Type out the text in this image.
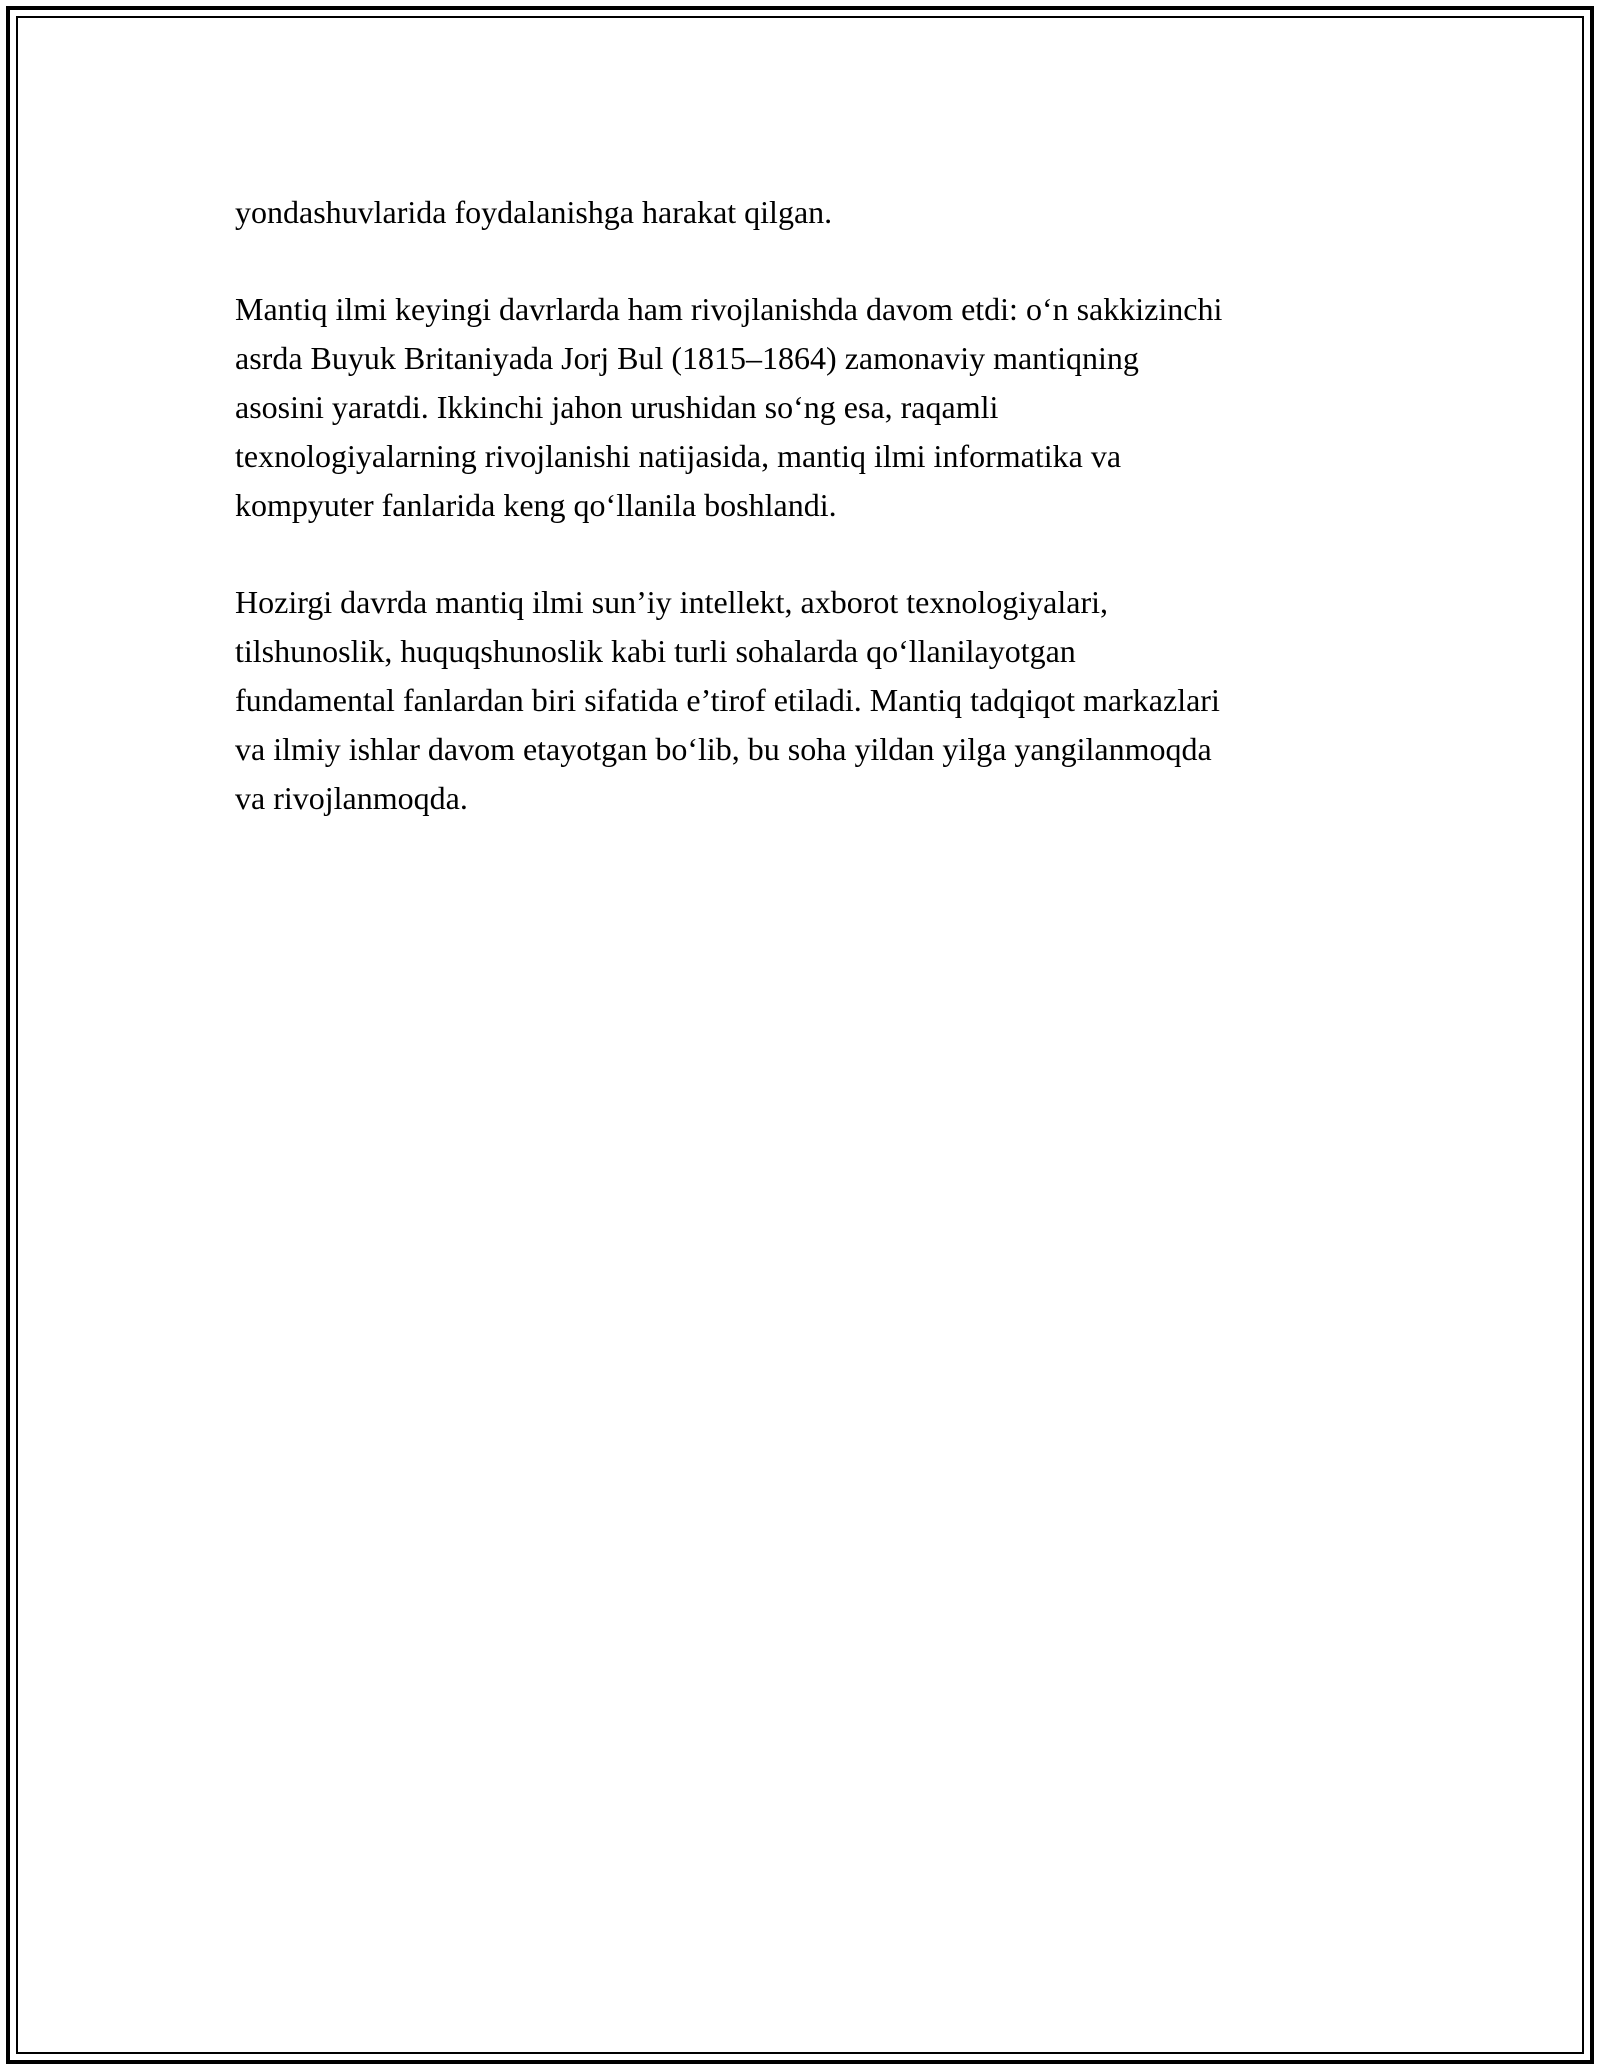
yondashuvlarida foydalanishga harakat qilgan.

Mantiq ilmi keyingi davrlarda ham rivojlanishda davom etdi: o‘n sakkizinchi
asrda Buyuk Britaniyada Jorj Bul (1815–1864) zamonaviy mantiqning
asosini yaratdi. Ikkinchi jahon urushidan so‘ng esa, raqamli
texnologiyalarning rivojlanishi natijasida, mantiq ilmi informatika va
kompyuter fanlarida keng qo‘llanila boshlandi.

Hozirgi davrda mantiq ilmi sun’iy intellekt, axborot texnologiyalari,
tilshunoslik, huquqshunoslik kabi turli sohalarda qo‘llanilayotgan
fundamental fanlardan biri sifatida e’tirof etiladi. Mantiq tadqiqot markazlari
va ilmiy ishlar davom etayotgan bo‘lib, bu soha yildan yilga yangilanmoqda
va rivojlanmoqda.
